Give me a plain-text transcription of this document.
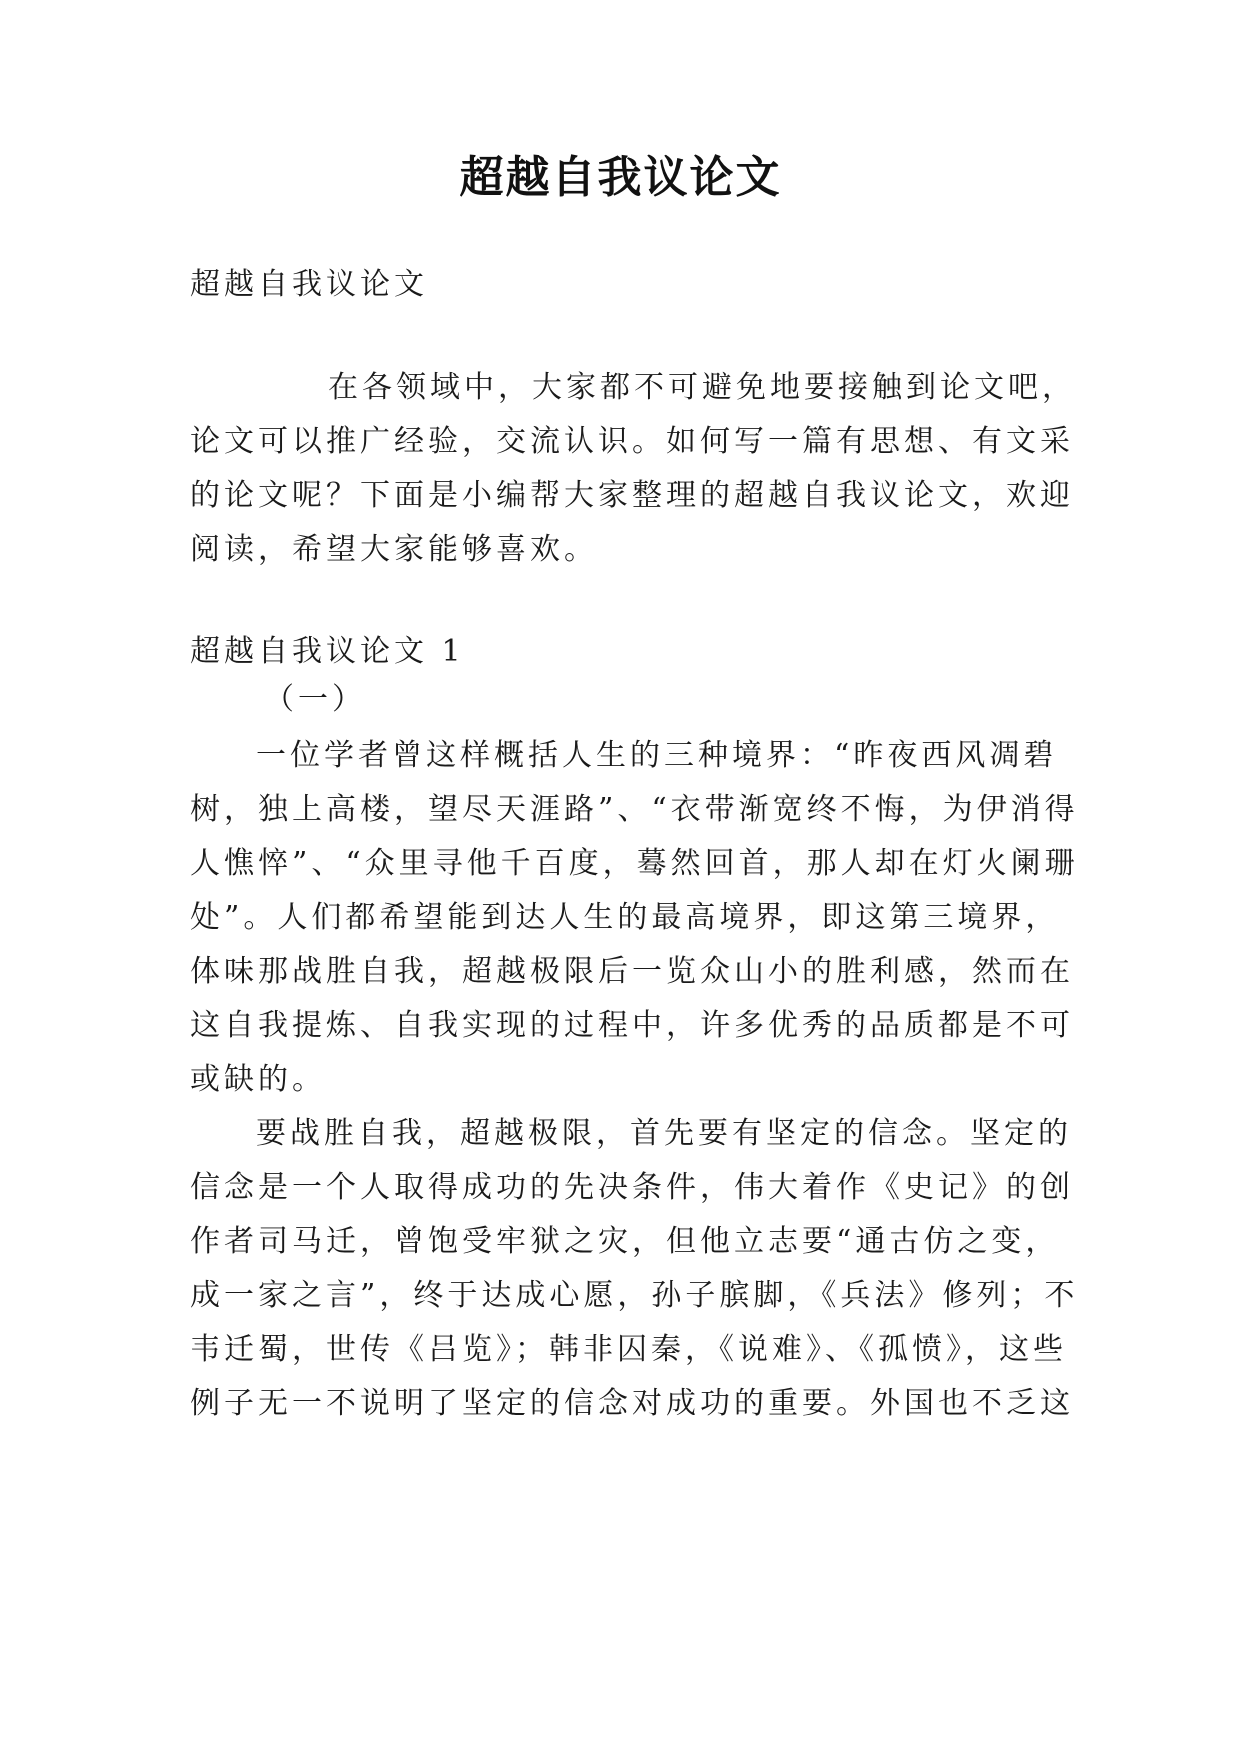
超越自我议论文
超越自我议论文
在各领域中，大家都不可避免地要接触到论文吧，
论文可以推广经验，交流认识。如何写一篇有思想、有文采
的论文呢？下面是小编帮大家整理的超越自我议论文，欢迎
阅读，希望大家能够喜欢。
超越自我议论文 1
（一）
一位学者曾这样概括人生的三种境界：“昨夜西风凋碧
树，独上高楼，望尽天涯路”、“衣带渐宽终不悔，为伊消得
人憔悴”、“众里寻他千百度，蓦然回首，那人却在灯火阑珊
处”。人们都希望能到达人生的最高境界，即这第三境界，
体味那战胜自我，超越极限后一览众山小的胜利感，然而在
这自我提炼、自我实现的过程中，许多优秀的品质都是不可
或缺的。
要战胜自我，超越极限，首先要有坚定的信念。坚定的
信念是一个人取得成功的先决条件，伟大着作《史记》的创
作者司马迁，曾饱受牢狱之灾，但他立志要“通古仿之变，
成一家之言”，终于达成心愿，孙子膑脚，《兵法》修列；不
韦迁蜀，世传《吕览》；韩非囚秦，《说难》、《孤愤》，这些
例子无一不说明了坚定的信念对成功的重要。外国也不乏这
